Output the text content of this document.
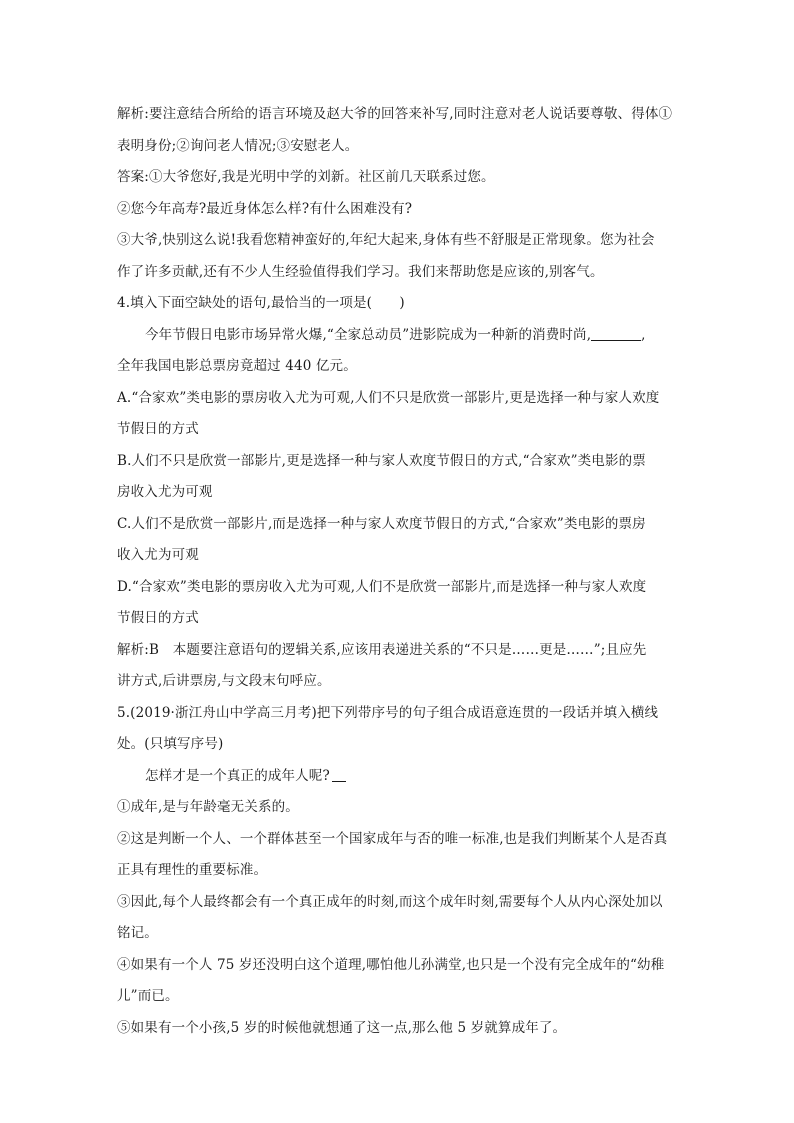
解析:要注意结合所给的语言环境及赵大爷的回答来补写,同时注意对老人说话要尊敬、得体①
表明身份;②询问老人情况;③安慰老人。
答案:①大爷您好,我是光明中学的刘新。社区前几天联系过您。
②您今年高寿?最近身体怎么样?有什么困难没有?
③大爷,快别这么说!我看您精神蛮好的,年纪大起来,身体有些不舒服是正常现象。您为社会
作了许多贡献,还有不少人生经验值得我们学习。我们来帮助您是应该的,别客气。
4.填入下面空缺处的语句,最恰当的一项是(　　)
今年节假日电影市场异常火爆,“全家总动员”进影院成为一种新的消费时尚,	,
全年我国电影总票房竟超过 440 亿元。
A.“合家欢”类电影的票房收入尤为可观,人们不只是欣赏一部影片,更是选择一种与家人欢度
节假日的方式
B.人们不只是欣赏一部影片,更是选择一种与家人欢度节假日的方式,“合家欢”类电影的票
房收入尤为可观
C.人们不是欣赏一部影片,而是选择一种与家人欢度节假日的方式,“合家欢”类电影的票房
收入尤为可观
D.“合家欢”类电影的票房收入尤为可观,人们不是欣赏一部影片,而是选择一种与家人欢度
节假日的方式
解析:B　本题要注意语句的逻辑关系,应该用表递进关系的“不只是……更是……”;且应先
讲方式,后讲票房,与文段末句呼应。
5.(2019·浙江舟山中学高三月考)把下列带序号的句子组合成语意连贯的一段话并填入横线
处。(只填写序号)
怎样才是一个真正的成年人呢?
①成年,是与年龄毫无关系的。
②这是判断一个人、一个群体甚至一个国家成年与否的唯一标准,也是我们判断某个人是否真
正具有理性的重要标准。
③因此,每个人最终都会有一个真正成年的时刻,而这个成年时刻,需要每个人从内心深处加以
铭记。
④如果有一个人 75 岁还没明白这个道理,哪怕他儿孙满堂,也只是一个没有完全成年的“幼稚
儿”而已。
⑤如果有一个小孩,5 岁的时候他就想通了这一点,那么他 5 岁就算成年了。
